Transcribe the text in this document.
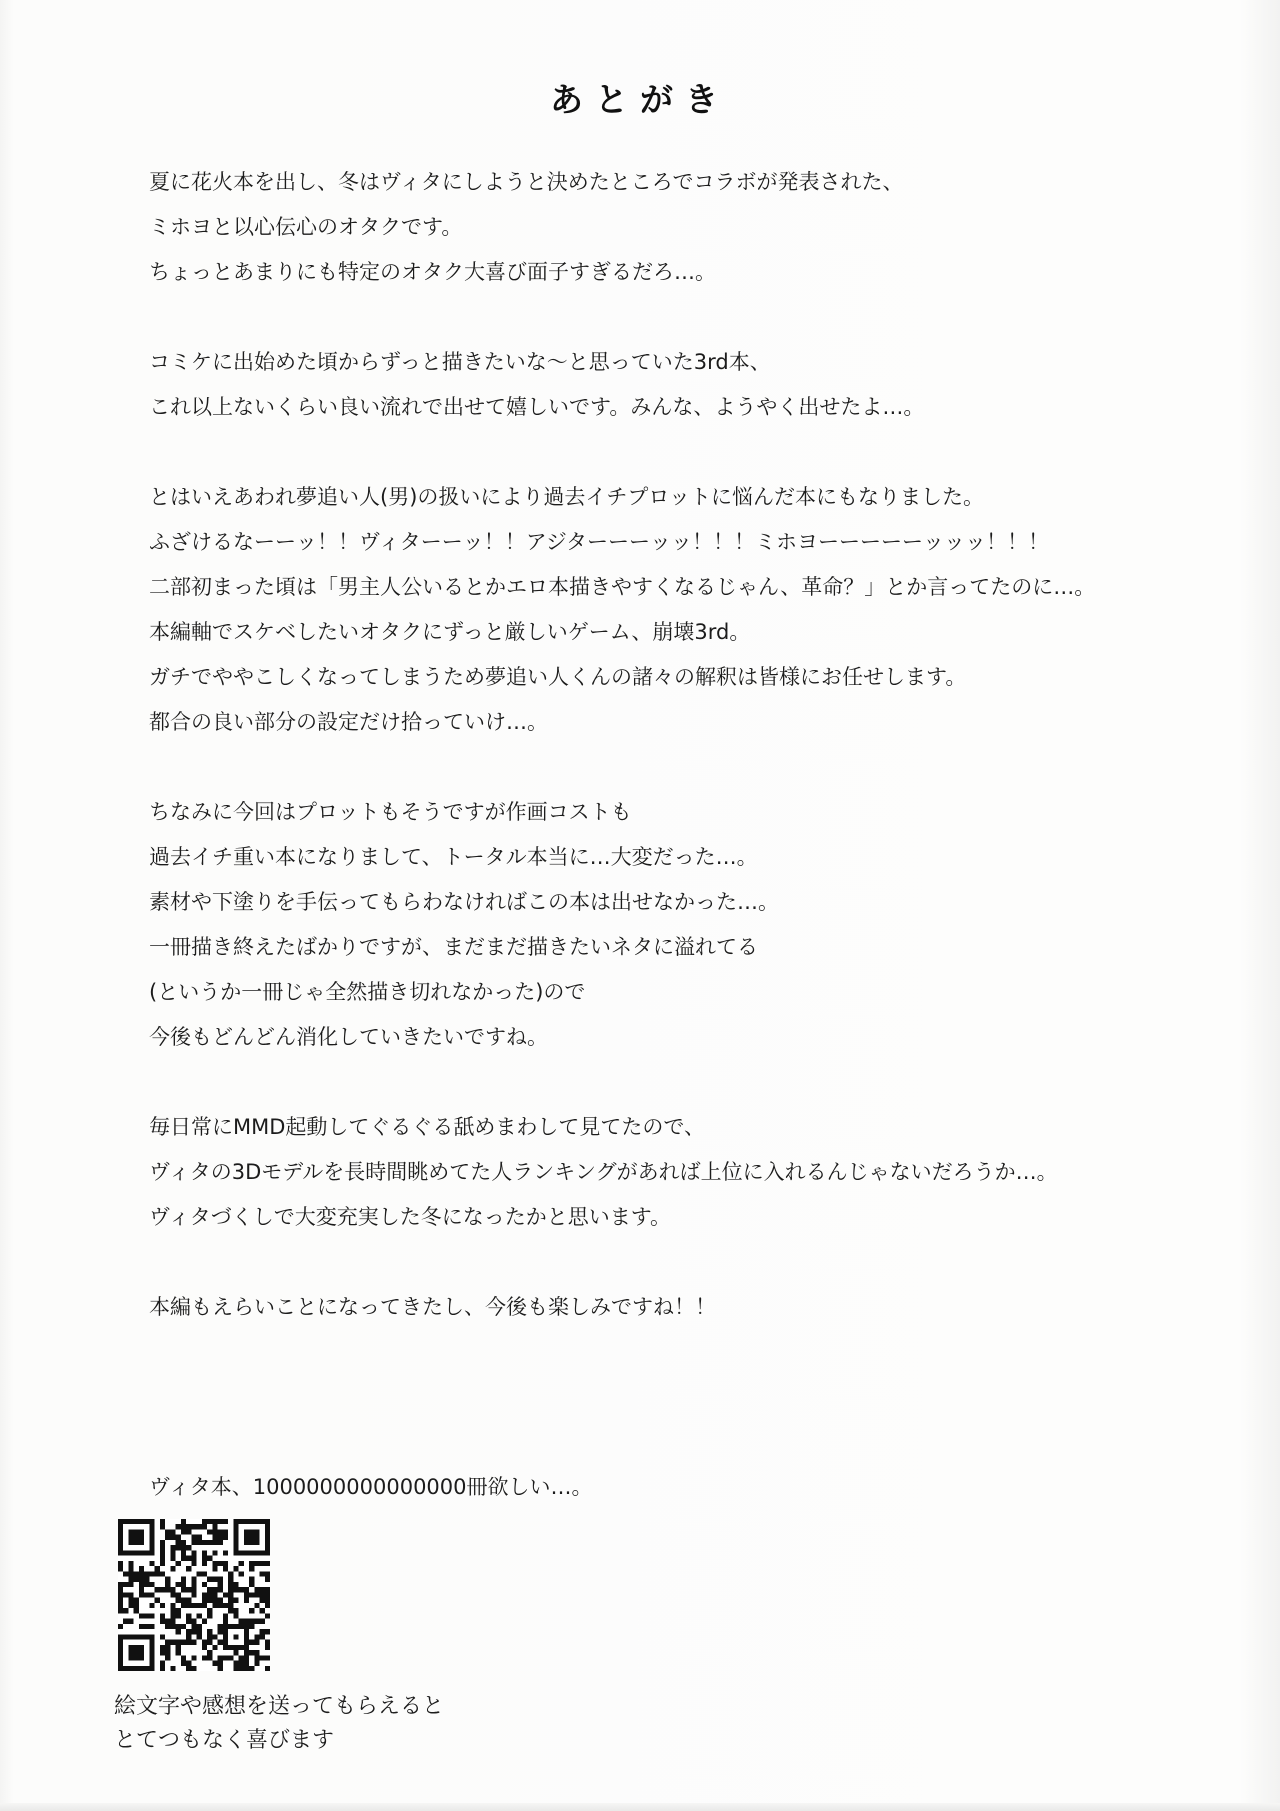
あとがき
夏に花火本を出し、冬はヴィタにしようと決めたところでコラボが発表された、
ミホヨと以心伝心のオタクです。
ちょっとあまりにも特定のオタク大喜び面子すぎるだろ…。
コミケに出始めた頃からずっと描きたいな～と思っていた3rd本、
これ以上ないくらい良い流れで出せて嬉しいです。みんな、ようやく出せたよ…。
とはいえあわれ夢追い人(男)の扱いにより過去イチプロットに悩んだ本にもなりました。
ふざけるなーーッ！！ヴィターーッ！！アジターーーッッ！！！ミホヨーーーーーッッッ！！！
二部初まった頃は「男主人公いるとかエロ本描きやすくなるじゃん、革命？」とか言ってたのに…。
本編軸でスケベしたいオタクにずっと厳しいゲーム、崩壊3rd。
ガチでややこしくなってしまうため夢追い人くんの諸々の解釈は皆様にお任せします。
都合の良い部分の設定だけ拾っていけ…。
ちなみに今回はプロットもそうですが作画コストも
過去イチ重い本になりまして、トータル本当に…大変だった…。
素材や下塗りを手伝ってもらわなければこの本は出せなかった…。
一冊描き終えたばかりですが、まだまだ描きたいネタに溢れてる
(というか一冊じゃ全然描き切れなかった)ので
今後もどんどん消化していきたいですね。
毎日常にMMD起動してぐるぐる舐めまわして見てたので、
ヴィタの3Dモデルを長時間眺めてた人ランキングがあれば上位に入れるんじゃないだろうか…。
ヴィタづくしで大変充実した冬になったかと思います。
本編もえらいことになってきたし、今後も楽しみですね！！
ヴィタ本、1000000000000000冊欲しい…。
絵文字や感想を送ってもらえると
とてつもなく喜びます
